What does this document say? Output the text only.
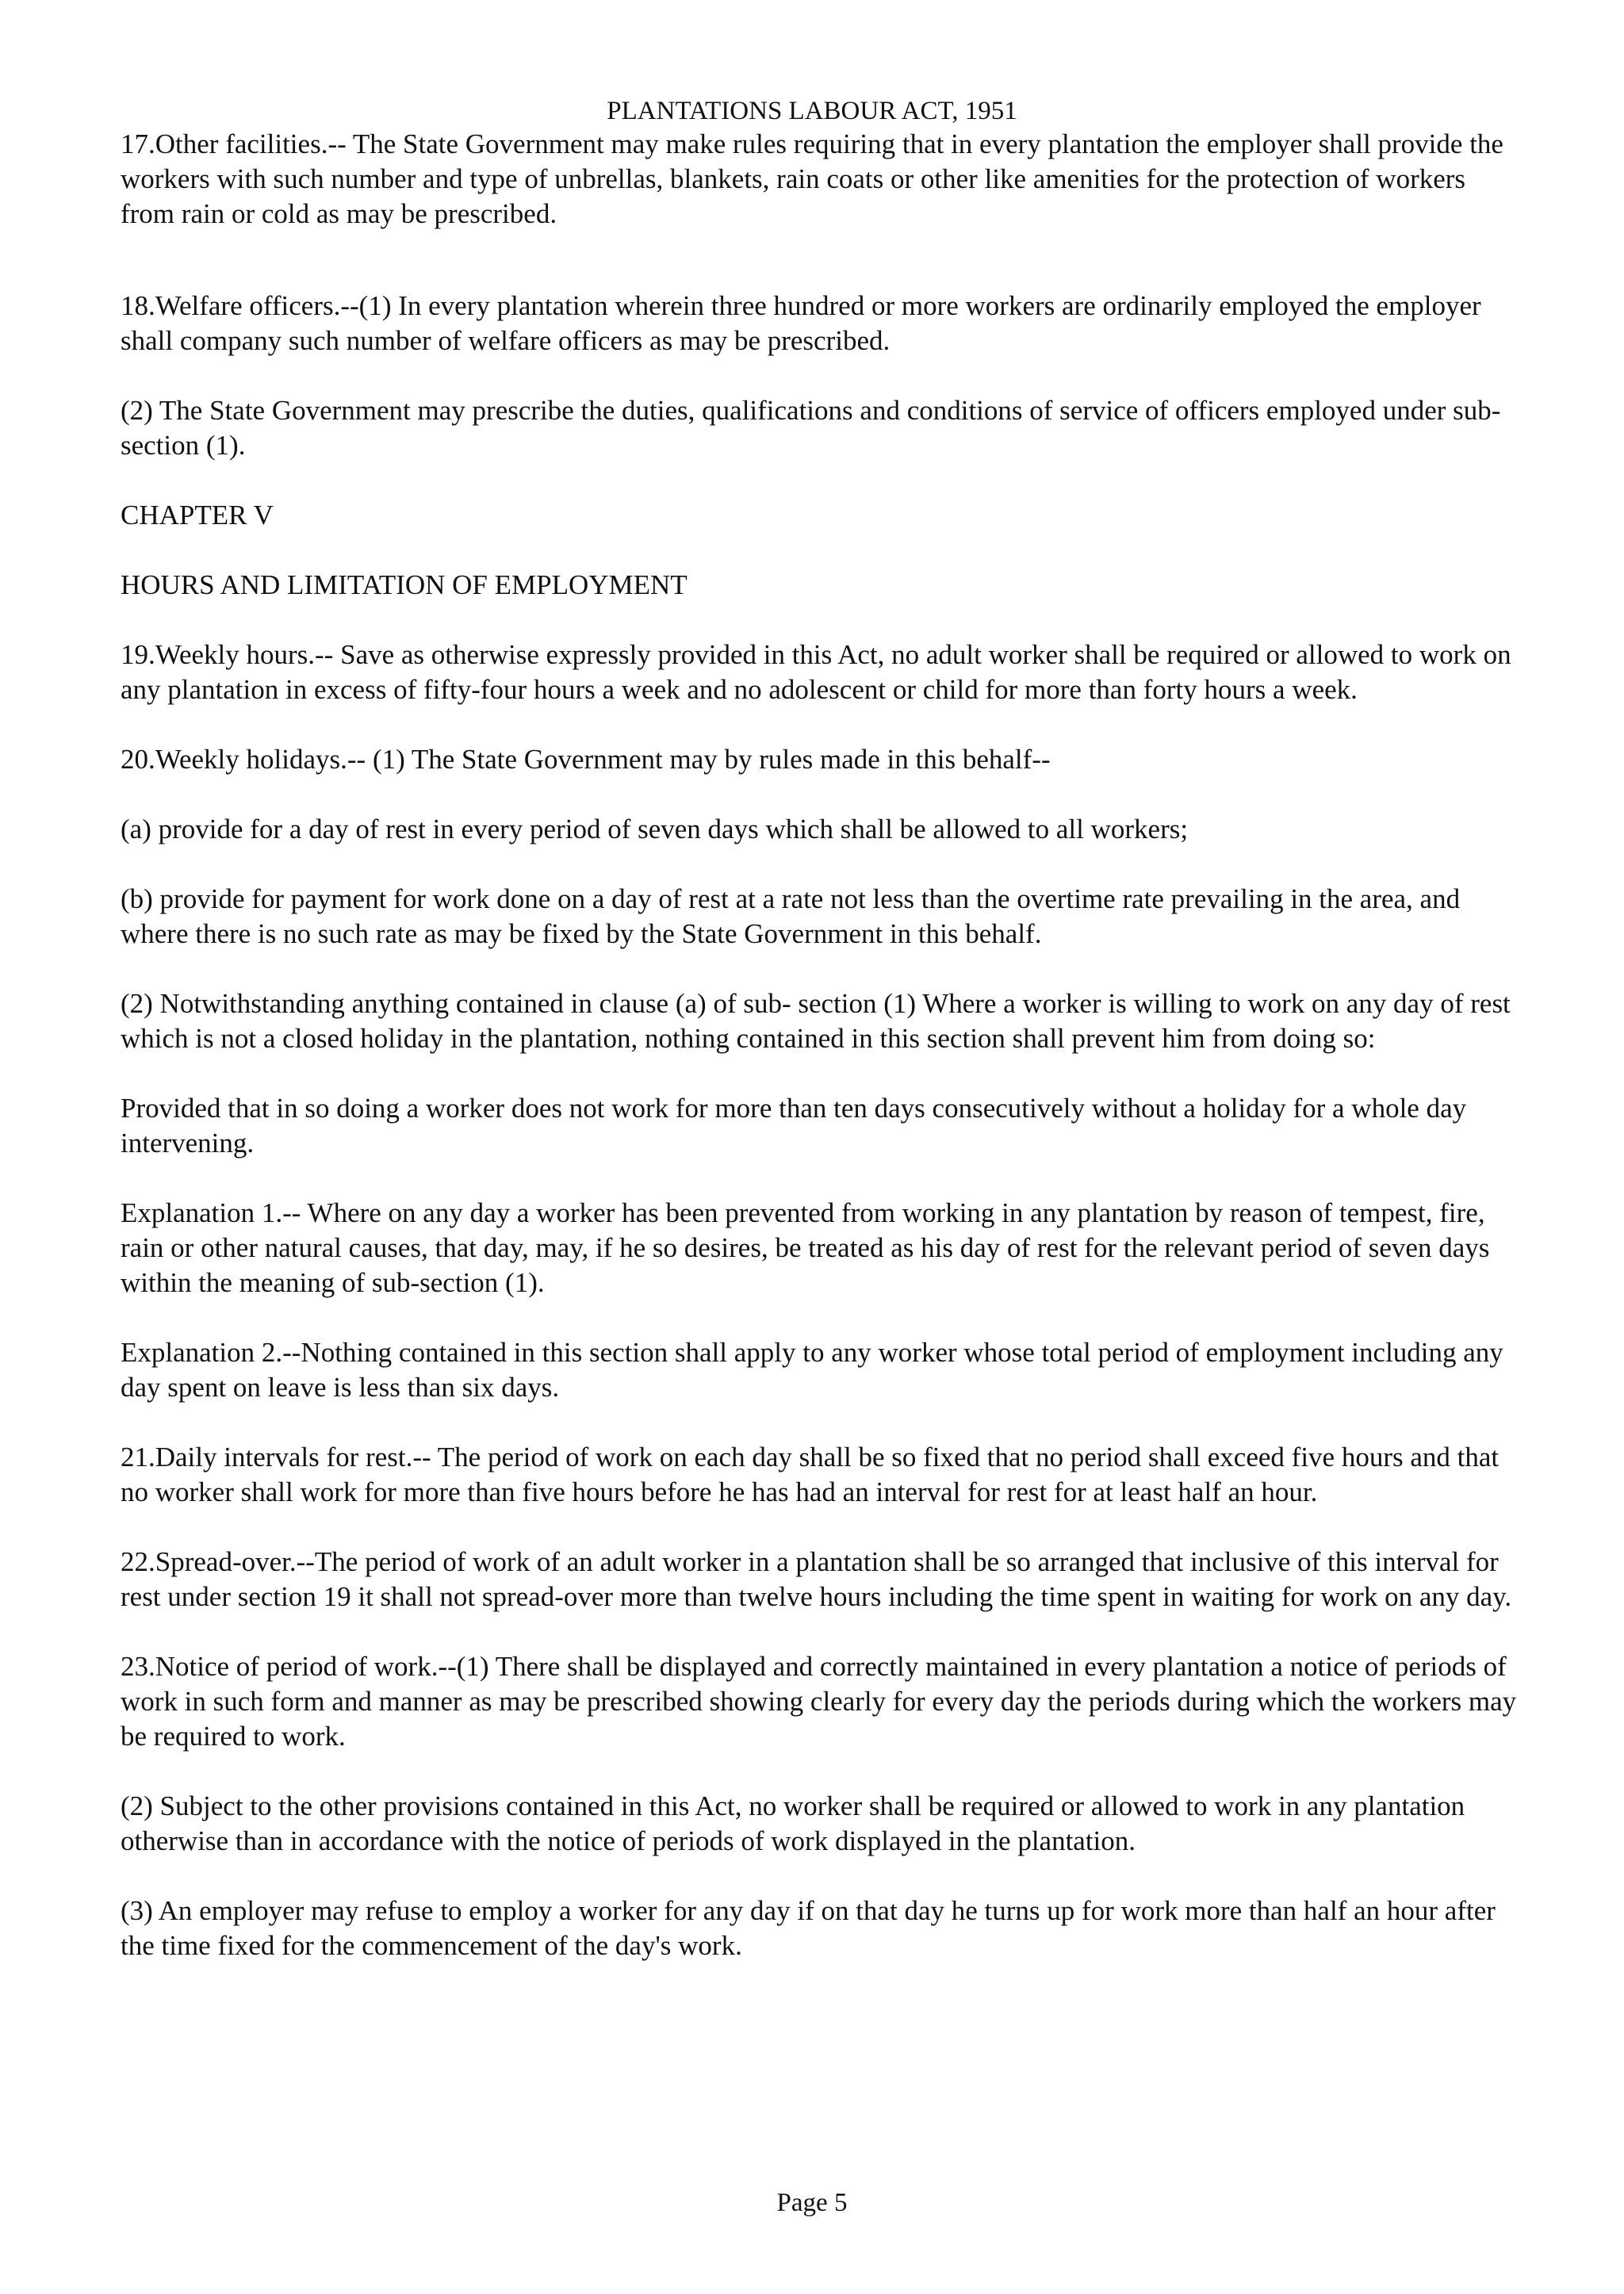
PLANTATIONS LABOUR ACT, 1951

17.Other facilities.-- The State Government may make rules requiring that in every plantation the employer shall provide the workers with such number and type of unbrellas, blankets, rain coats or other like amenities for the protection of workers from rain or cold as may be prescribed.

18.Welfare officers.--(1) In every plantation wherein three hundred or more workers are ordinarily employed the employer shall company such number of welfare officers as may be prescribed.

(2) The State Government may prescribe the duties, qualifications and conditions of service of officers employed under sub-section (1).

CHAPTER V

HOURS AND LIMITATION OF EMPLOYMENT

19.Weekly hours.-- Save as otherwise expressly provided in this Act, no adult worker shall be required or allowed to work on any plantation in excess of fifty-four hours a week and no adolescent or child for more than forty hours a week.

20.Weekly holidays.-- (1) The State Government may by rules made in this behalf--

(a) provide for a day of rest in every period of seven days which shall be allowed to all workers;

(b) provide for payment for work done on a day of rest at a rate not less than the overtime rate prevailing in the area, and where there is no such rate as may be fixed by the State Government in this behalf.

(2) Notwithstanding anything contained in clause (a) of sub- section (1) Where a worker is willing to work on any day of rest which is not a closed holiday in the plantation, nothing contained in this section shall prevent him from doing so:

Provided that in so doing a worker does not work for more than ten days consecutively without a holiday for a whole day intervening.

Explanation 1.-- Where on any day a worker has been prevented from working in any plantation by reason of tempest, fire, rain or other natural causes, that day, may, if he so desires, be treated as his day of rest for the relevant period of seven days within the meaning of sub-section (1).

Explanation 2.--Nothing contained in this section shall apply to any worker whose total period of employment including any day spent on leave is less than six days.

21.Daily intervals for rest.-- The period of work on each day shall be so fixed that no period shall exceed five hours and that no worker shall work for more than five hours before he has had an interval for rest for at least half an hour.

22.Spread-over.--The period of work of an adult worker in a plantation shall be so arranged that inclusive of this interval for rest under section 19 it shall not spread-over more than twelve hours including the time spent in waiting for work on any day.

23.Notice of period of work.--(1) There shall be displayed and correctly maintained in every plantation a notice of periods of work in such form and manner as may be prescribed showing clearly for every day the periods during which the workers may be required to work.

(2) Subject to the other provisions contained in this Act, no worker shall be required or allowed to work in any plantation otherwise than in accordance with the notice of periods of work displayed in the plantation.

(3) An employer may refuse to employ a worker for any day if on that day he turns up for work more than half an hour after the time fixed for the commencement of the day's work.

Page 5
